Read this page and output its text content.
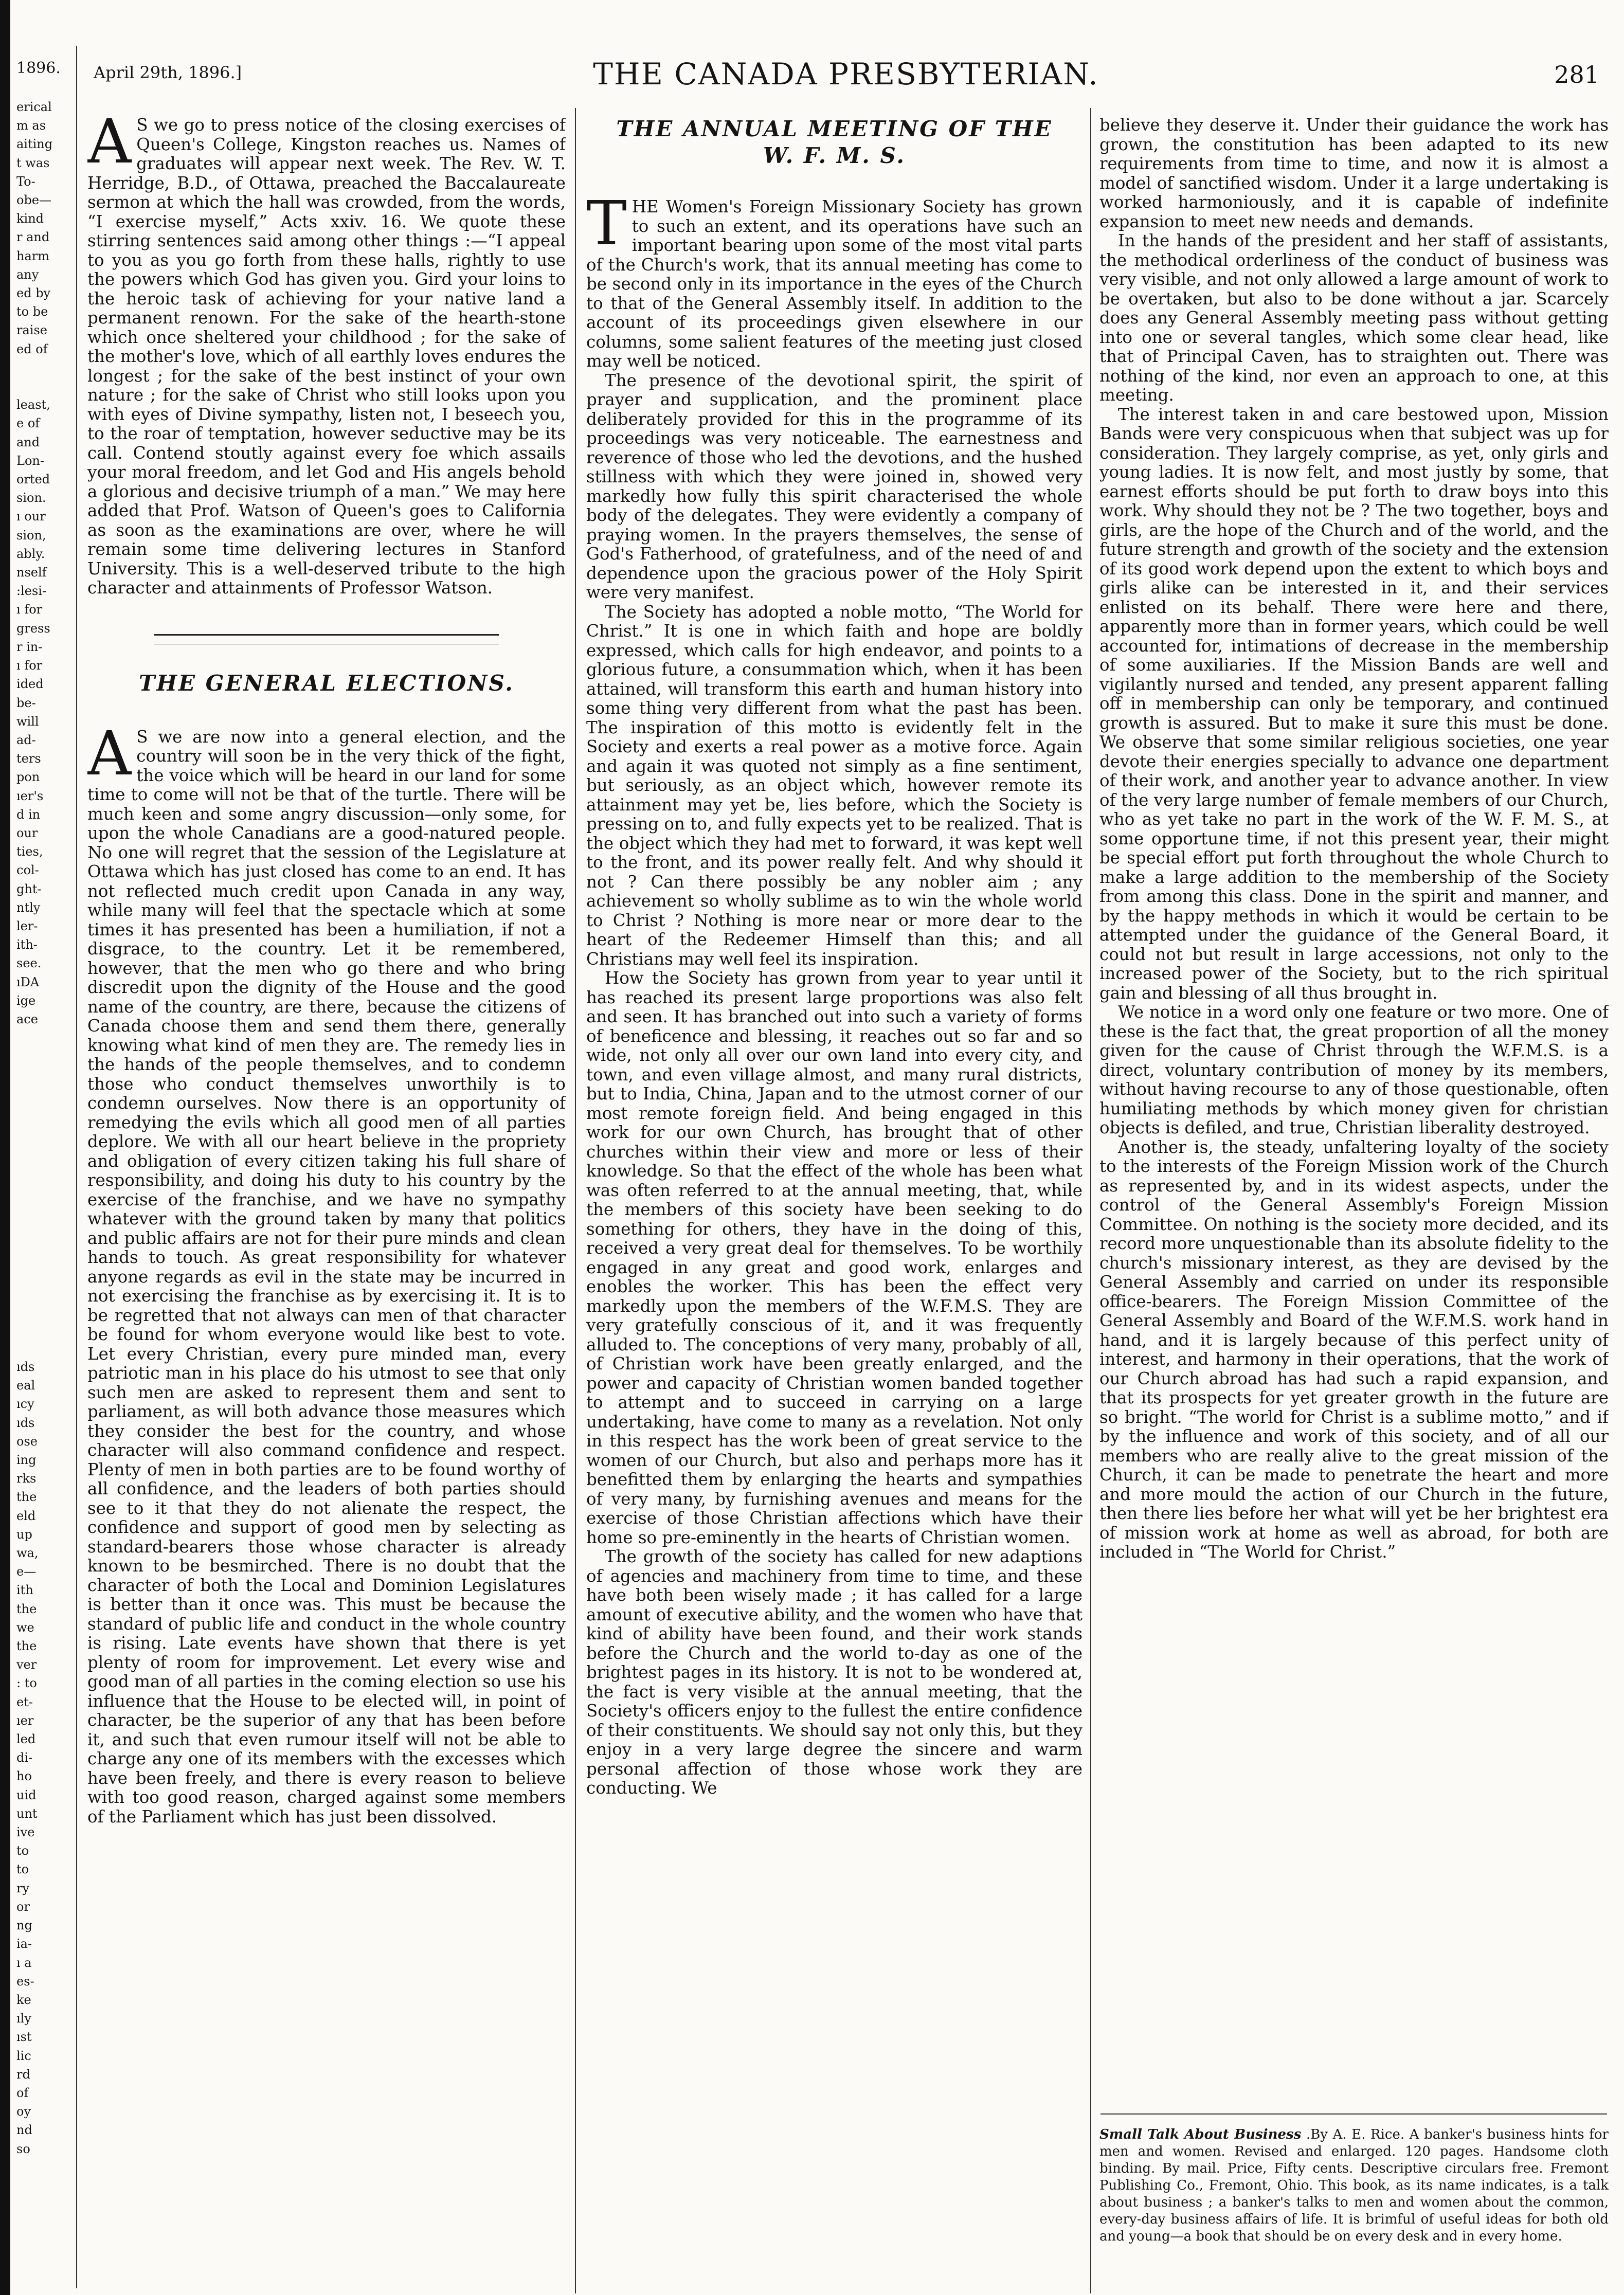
1896.
erical
m as
aiting
t was
To-
obe—
kind
r and
harm
any
ed by
to be
raise
ed of

least,
e of
and
Lon-
orted
sion.
ı our
sion,
ably.
nself
:lesi-
ı for
gress
r in-
ı for
ided
be-
will
ad-
ters
pon
ıer's
d in
our
ties,
col-
ght-
ntly
ler-
ith-
see.
ıDA
ige
ace
ıds
eal
ıcy
ıds
ose
ing
rks
the
eld
up
wa,
e—
ith
the
we
the
ver
: to
et-
ıer
led
di-
ho
uid
unt
ive
to
to
ry
or
ng
ia-
ı a
es-
ke
ıly
ıst
lic
rd
of
oy
nd
so
April 29th, 1896.]	THE CANADA PRESBYTERIAN.	281

A S we go to press notice of the closing exercises of Queen's College, Kingston reaches us. Names of graduates will appear next week. The Rev. W. T. Herridge, B.D., of Ottawa, preached the Baccalaureate sermon at which the hall was crowded, from the words, “I exercise myself,” Acts xxiv. 16. We quote these stirring sentences said among other things :—“I appeal to you as you go forth from these halls, rightly to use the powers which God has given you. Gird your loins to the heroic task of achieving for your native land a permanent renown. For the sake of the hearth-stone which once sheltered your childhood ; for the sake of the mother's love, which of all earthly loves endures the longest ; for the sake of the best instinct of your own nature ; for the sake of Christ who still looks upon you with eyes of Divine sympathy, listen not, I beseech you, to the roar of temptation, however seductive may be its call. Contend stoutly against every foe which assails your moral freedom, and let God and His angels behold a glorious and decisive triumph of a man.” We may here added that Prof. Watson of Queen's goes to California as soon as the examinations are over, where he will remain some time delivering lectures in Stanford University. This is a well-deserved tribute to the high character and attainments of Professor Watson.

THE GENERAL ELECTIONS.

A S we are now into a general election, and the country will soon be in the very thick of the fight, the voice which will be heard in our land for some time to come will not be that of the turtle. There will be much keen and some angry discussion—only some, for upon the whole Canadians are a good-natured people. No one will regret that the session of the Legislature at Ottawa which has just closed has come to an end. It has not reflected much credit upon Canada in any way, while many will feel that the spectacle which at some times it has presented has been a humiliation, if not a disgrace, to the country. Let it be remembered, however, that the men who go there and who bring discredit upon the dignity of the House and the good name of the country, are there, because the citizens of Canada choose them and send them there, generally knowing what kind of men they are. The remedy lies in the hands of the people themselves, and to condemn those who conduct themselves unworthily is to condemn ourselves. Now there is an opportunity of remedying the evils which all good men of all parties deplore. We with all our heart believe in the propriety and obligation of every citizen taking his full share of responsibility, and doing his duty to his country by the exercise of the franchise, and we have no sympathy whatever with the ground taken by many that politics and public affairs are not for their pure minds and clean hands to touch. As great responsibility for whatever anyone regards as evil in the state may be incurred in not exercising the franchise as by exercising it. It is to be regretted that not always can men of that character be found for whom everyone would like best to vote. Let every Christian, every pure minded man, every patriotic man in his place do his utmost to see that only such men are asked to represent them and sent to parliament, as will both advance those measures which they consider the best for the country, and whose character will also command confidence and respect. Plenty of men in both parties are to be found worthy of all confidence, and the leaders of both parties should see to it that they do not alienate the respect, the confidence and support of good men by selecting as standard-bearers those whose character is already known to be besmirched. There is no doubt that the character of both the Local and Dominion Legislatures is better than it once was. This must be because the standard of public life and conduct in the whole country is rising. Late events have shown that there is yet plenty of room for improvement. Let every wise and good man of all parties in the coming election so use his influence that the House to be elected will, in point of character, be the superior of any that has been before it, and such that even rumour itself will not be able to charge any one of its members with the excesses which have been freely, and there is every reason to believe with too good reason, charged against some members of the Parliament which has just been dissolved.

THE ANNUAL MEETING OF THE
W. F. M. S.

THE Women's Foreign Missionary Society has grown to such an extent, and its operations have such an important bearing upon some of the most vital parts of the Church's work, that its annual meeting has come to be second only in its importance in the eyes of the Church to that of the General Assembly itself. In addition to the account of its proceedings given elsewhere in our columns, some salient features of the meeting just closed may well be noticed.

The presence of the devotional spirit, the spirit of prayer and supplication, and the prominent place deliberately provided for this in the programme of its proceedings was very noticeable. The earnestness and reverence of those who led the devotions, and the hushed stillness with which they were joined in, showed very markedly how fully this spirit characterised the whole body of the delegates. They were evidently a company of praying women. In the prayers themselves, the sense of God's Fatherhood, of gratefulness, and of the need of and dependence upon the gracious power of the Holy Spirit were very manifest.

The Society has adopted a noble motto, “The World for Christ.” It is one in which faith and hope are boldly expressed, which calls for high endeavor, and points to a glorious future, a consummation which, when it has been attained, will transform this earth and human history into some thing very different from what the past has been. The inspiration of this motto is evidently felt in the Society and exerts a real power as a motive force. Again and again it was quoted not simply as a fine sentiment, but seriously, as an object which, however remote its attainment may yet be, lies before, which the Society is pressing on to, and fully expects yet to be realized. That is the object which they had met to forward, it was kept well to the front, and its power really felt. And why should it not ? Can there possibly be any nobler aim ; any achievement so wholly sublime as to win the whole world to Christ ? Nothing is more near or more dear to the heart of the Redeemer Himself than this; and all Christians may well feel its inspiration.

How the Society has grown from year to year until it has reached its present large proportions was also felt and seen. It has branched out into such a variety of forms of beneficence and blessing, it reaches out so far and so wide, not only all over our own land into every city, and town, and even village almost, and many rural districts, but to India, China, Japan and to the utmost corner of our most remote foreign field. And being engaged in this work for our own Church, has brought that of other churches within their view and more or less of their knowledge. So that the effect of the whole has been what was often referred to at the annual meeting, that, while the members of this society have been seeking to do something for others, they have in the doing of this, received a very great deal for themselves. To be worthily engaged in any great and good work, enlarges and enobles the worker. This has been the effect very markedly upon the members of the W.F.M.S. They are very gratefully conscious of it, and it was frequently alluded to. The conceptions of very many, probably of all, of Christian work have been greatly enlarged, and the power and capacity of Christian women banded together to attempt and to succeed in carrying on a large undertaking, have come to many as a revelation. Not only in this respect has the work been of great service to the women of our Church, but also and perhaps more has it benefitted them by enlarging the hearts and sympathies of very many, by furnishing avenues and means for the exercise of those Christian affections which have their home so pre-eminently in the hearts of Christian women.

The growth of the society has called for new adaptions of agencies and machinery from time to time, and these have both been wisely made ; it has called for a large amount of executive ability, and the women who have that kind of ability have been found, and their work stands before the Church and the world to-day as one of the brightest pages in its history. It is not to be wondered at, the fact is very visible at the annual meeting, that the Society's officers enjoy to the fullest the entire confidence of their constituents. We should say not only this, but they enjoy in a very large degree the sincere and warm personal affection of those whose work they are conducting. We

believe they deserve it. Under their guidance the work has grown, the constitution has been adapted to its new requirements from time to time, and now it is almost a model of sanctified wisdom. Under it a large undertaking is worked harmoniously, and it is capable of indefinite expansion to meet new needs and demands.

In the hands of the president and her staff of assistants, the methodical orderliness of the conduct of business was very visible, and not only allowed a large amount of work to be overtaken, but also to be done without a jar. Scarcely does any General Assembly meeting pass without getting into one or several tangles, which some clear head, like that of Principal Caven, has to straighten out. There was nothing of the kind, nor even an approach to one, at this meeting.

The interest taken in and care bestowed upon, Mission Bands were very conspicuous when that subject was up for consideration. They largely comprise, as yet, only girls and young ladies. It is now felt, and most justly by some, that earnest efforts should be put forth to draw boys into this work. Why should they not be ? The two together, boys and girls, are the hope of the Church and of the world, and the future strength and growth of the society and the extension of its good work depend upon the extent to which boys and girls alike can be interested in it, and their services enlisted on its behalf. There were here and there, apparently more than in former years, which could be well accounted for, intimations of decrease in the membership of some auxiliaries. If the Mission Bands are well and vigilantly nursed and tended, any present apparent falling off in membership can only be temporary, and continued growth is assured. But to make it sure this must be done. We observe that some similar religious societies, one year devote their energies specially to advance one department of their work, and another year to advance another. In view of the very large number of female members of our Church, who as yet take no part in the work of the W. F. M. S., at some opportune time, if not this present year, their might be special effort put forth throughout the whole Church to make a large addition to the membership of the Society from among this class. Done in the spirit and manner, and by the happy methods in which it would be certain to be attempted under the guidance of the General Board, it could not but result in large accessions, not only to the increased power of the Society, but to the rich spiritual gain and blessing of all thus brought in.

We notice in a word only one feature or two more. One of these is the fact that, the great proportion of all the money given for the cause of Christ through the W.F.M.S. is a direct, voluntary contribution of money by its members, without having recourse to any of those questionable, often humiliating methods by which money given for christian objects is defiled, and true, Christian liberality destroyed.

Another is, the steady, unfaltering loyalty of the society to the interests of the Foreign Mission work of the Church as represented by, and in its widest aspects, under the control of the General Assembly's Foreign Mission Committee. On nothing is the society more decided, and its record more unquestionable than its absolute fidelity to the church's missionary interest, as they are devised by the General Assembly and carried on under its responsible office-bearers. The Foreign Mission Committee of the General Assembly and Board of the W.F.M.S. work hand in hand, and it is largely because of this perfect unity of interest, and harmony in their operations, that the work of our Church abroad has had such a rapid expansion, and that its prospects for yet greater growth in the future are so bright. “The world for Christ is a sublime motto,” and if by the influence and work of this society, and of all our members who are really alive to the great mission of the Church, it can be made to penetrate the heart and more and more mould the action of our Church in the future, then there lies before her what will yet be her brightest era of mission work at home as well as abroad, for both are included in “The World for Christ.”

Small Talk About Business .By A. E. Rice. A banker's business hints for men and women. Revised and enlarged. 120 pages. Handsome cloth binding. By mail. Price, Fifty cents. Descriptive circulars free. Fremont Publishing Co., Fremont, Ohio. This book, as its name indicates, is a talk about business ; a banker's talks to men and women about the common, every-day business affairs of life. It is brimful of useful ideas for both old and young—a book that should be on every desk and in every home.
